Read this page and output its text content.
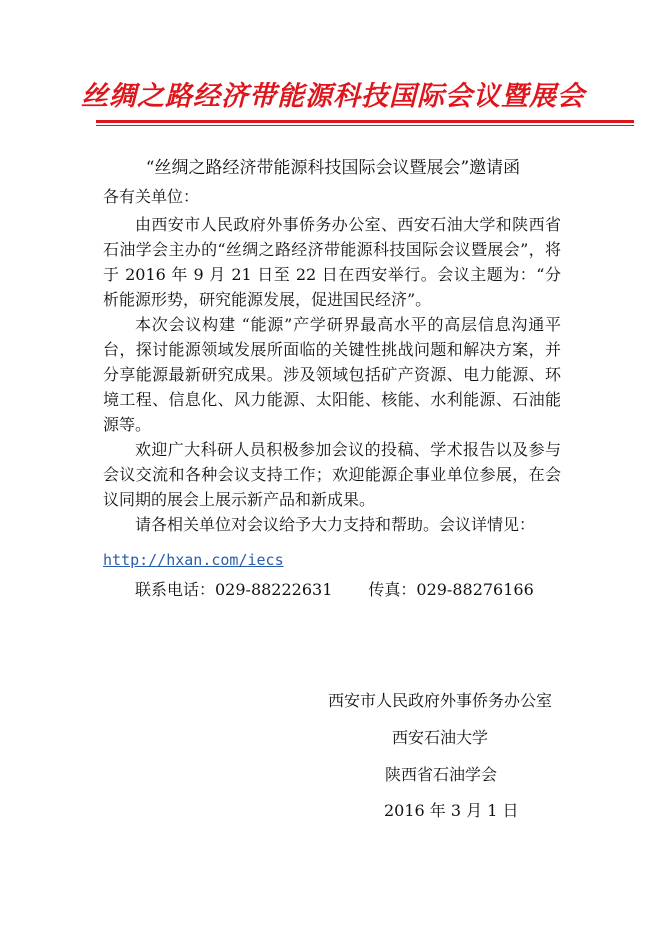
丝绸之路经济带能源科技国际会议暨展会
“丝绸之路经济带能源科技国际会议暨展会”邀请函
各有关单位：

由西安市人民政府外事侨务办公室、西安石油大学和陕西省石油学会主办的“丝绸之路经济带能源科技国际会议暨展会”，将于 2016 年 9 月 21 日至 22 日在西安举行。会议主题为：“分析能源形势，研究能源发展，促进国民经济”。

本次会议构建 “能源”产学研界最高水平的高层信息沟通平台，探讨能源领域发展所面临的关键性挑战问题和解决方案，并分享能源最新研究成果。涉及领域包括矿产资源、电力能源、环境工程、信息化、风力能源、太阳能、核能、水利能源、石油能源等。

欢迎广大科研人员积极参加会议的投稿、学术报告以及参与会议交流和各种会议支持工作；欢迎能源企事业单位参展，在会议同期的展会上展示新产品和新成果。

请各相关单位对会议给予大力支持和帮助。会议详情见：

http://hxan.com/iecs
联系电话：029-88222631 传真：029-88276166
西安市人民政府外事侨务办公室
西安石油大学
陕西省石油学会
2016 年 3 月 1 日
